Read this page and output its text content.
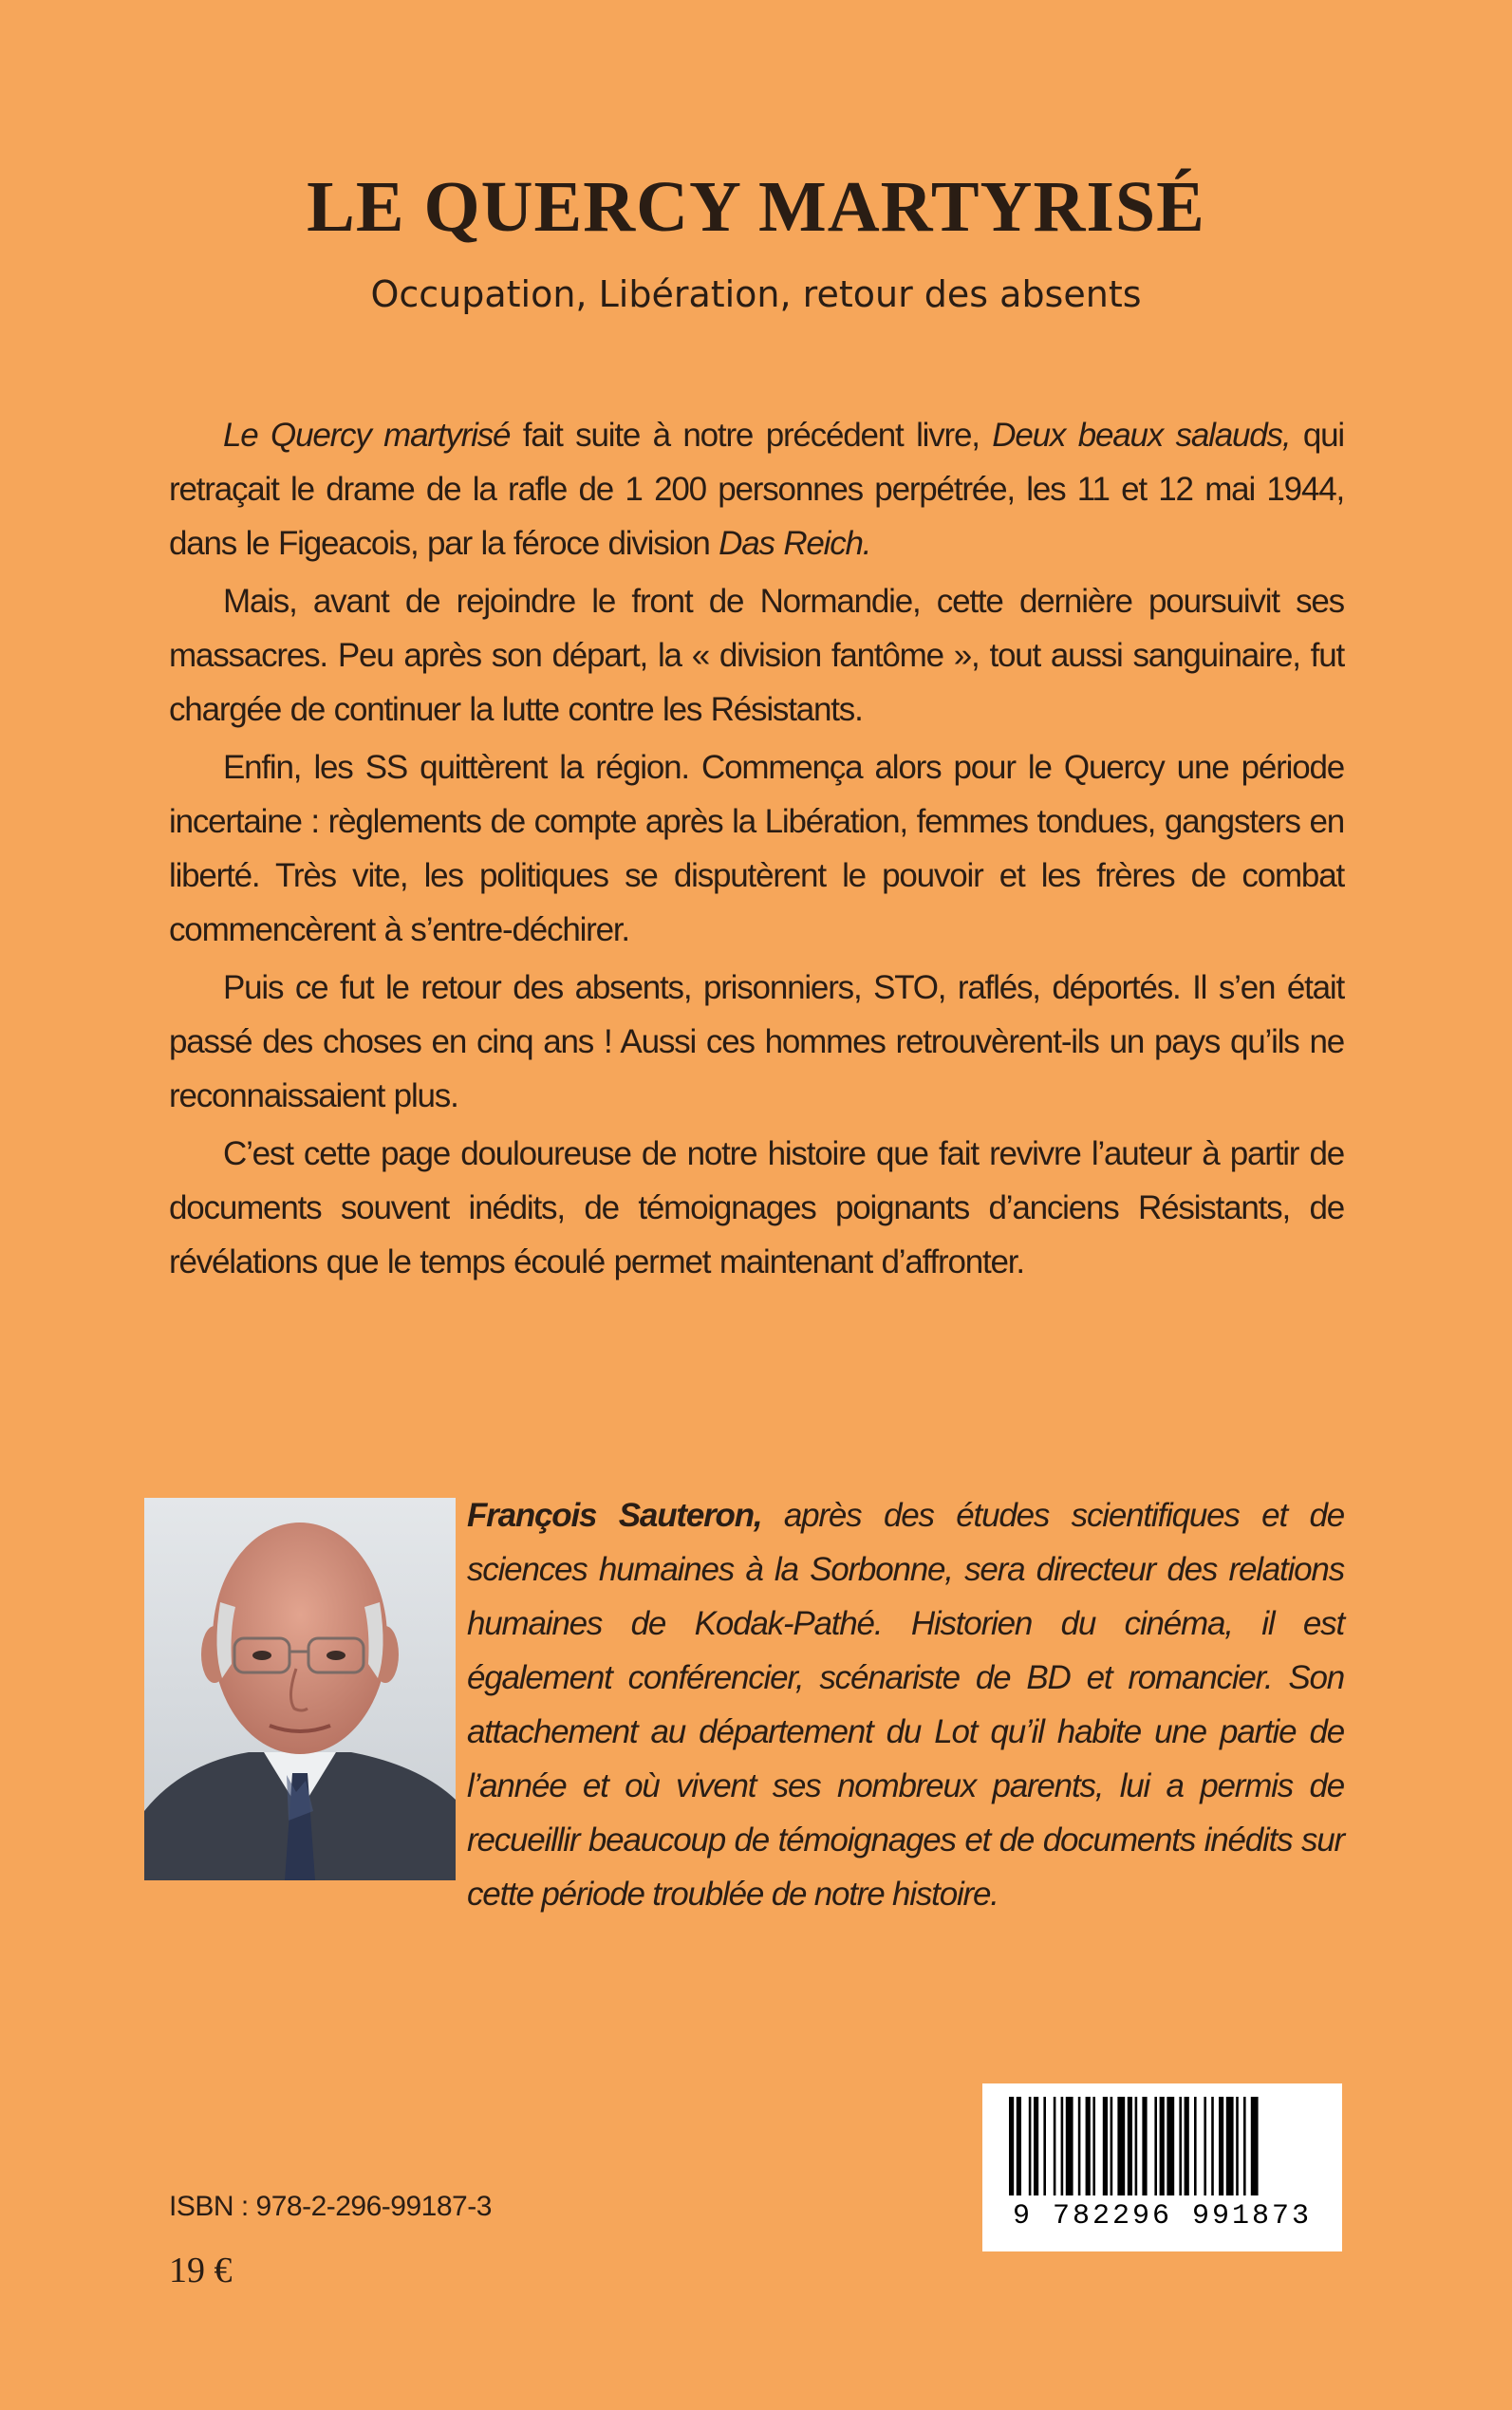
LE QUERCY MARTYRISÉ

Occupation, Libération, retour des absents

Le Quercy martyrisé fait suite à notre précédent livre, Deux beaux salauds, qui retraçait le drame de la rafle de 1 200 personnes perpétrée, les 11 et 12 mai 1944, dans le Figeacois, par la féroce division Das Reich.

Mais, avant de rejoindre le front de Normandie, cette dernière poursuivit ses massacres. Peu après son départ, la « division fantôme », tout aussi sanguinaire, fut chargée de continuer la lutte contre les Résistants.

Enfin, les SS quittèrent la région. Commença alors pour le Quercy une période incertaine : règlements de compte après la Libération, femmes tondues, gangsters en liberté. Très vite, les politiques se disputèrent le pouvoir et les frères de combat commencèrent à s’entre-déchirer.

Puis ce fut le retour des absents, prisonniers, STO, raflés, déportés. Il s’en était passé des choses en cinq ans ! Aussi ces hommes retrouvèrent-ils un pays qu’ils ne reconnaissaient plus.

C’est cette page douloureuse de notre histoire que fait revivre l’auteur à partir de documents souvent inédits, de témoignages poignants d’anciens Résistants, de révélations que le temps écoulé permet maintenant d’affronter.

François Sauteron, après des études scientifiques et de sciences humaines à la Sorbonne, sera directeur des relations humaines de Kodak-Pathé. Historien du cinéma, il est également conférencier, scénariste de BD et romancier. Son attachement au département du Lot qu’il habite une partie de l’année et où vivent ses nombreux parents, lui a permis de recueillir beaucoup de témoignages et de documents inédits sur cette période troublée de notre histoire.

ISBN : 978-2-296-99187-3

19 €

9 782296 991873
